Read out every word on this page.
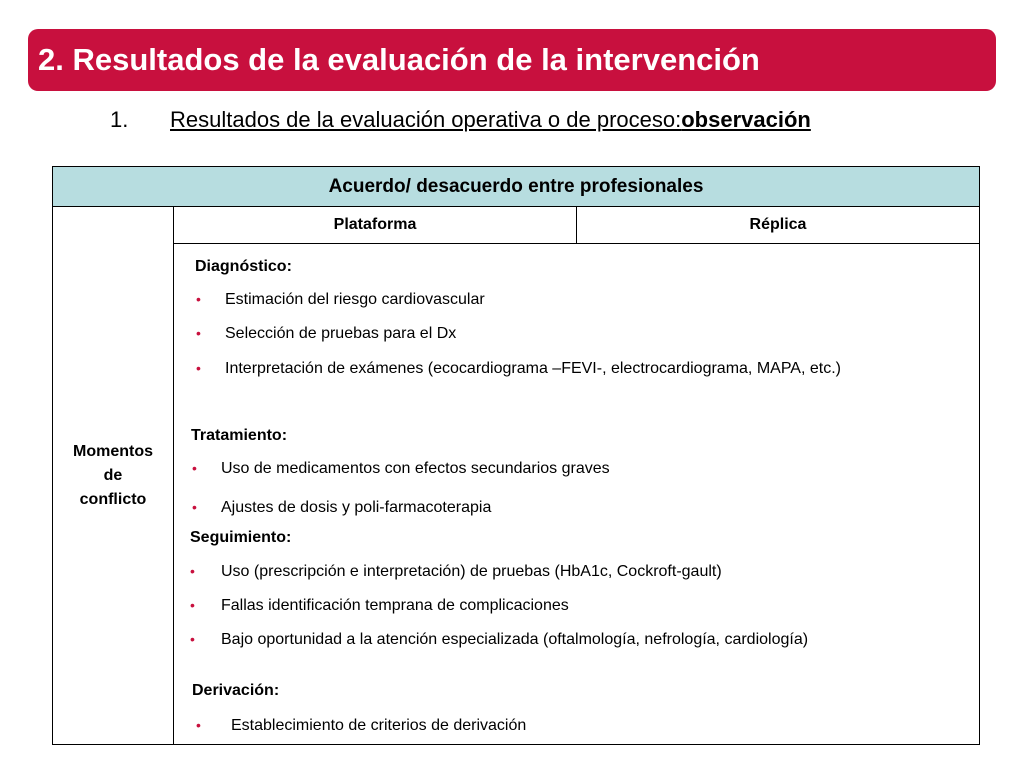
2. Resultados de la evaluación de la intervención
1.	Resultados de la evaluación operativa o de proceso: observación
Acuerdo/ desacuerdo entre profesionales
Momentos
de
conflicto
Plataforma	Réplica
Diagnóstico:
• Estimación del riesgo cardiovascular
• Selección de pruebas para el Dx
• Interpretación de exámenes (ecocardiograma –FEVI-, electrocardiograma, MAPA, etc.)
Tratamiento:
• Uso de medicamentos con efectos secundarios graves
• Ajustes de dosis y poli-farmacoterapia
Seguimiento:
• Uso (prescripción e interpretación) de pruebas (HbA1c, Cockroft-gault)
• Fallas identificación temprana de complicaciones
• Bajo oportunidad a la atención especializada (oftalmología, nefrología, cardiología)
Derivación:
• Establecimiento de criterios de derivación
